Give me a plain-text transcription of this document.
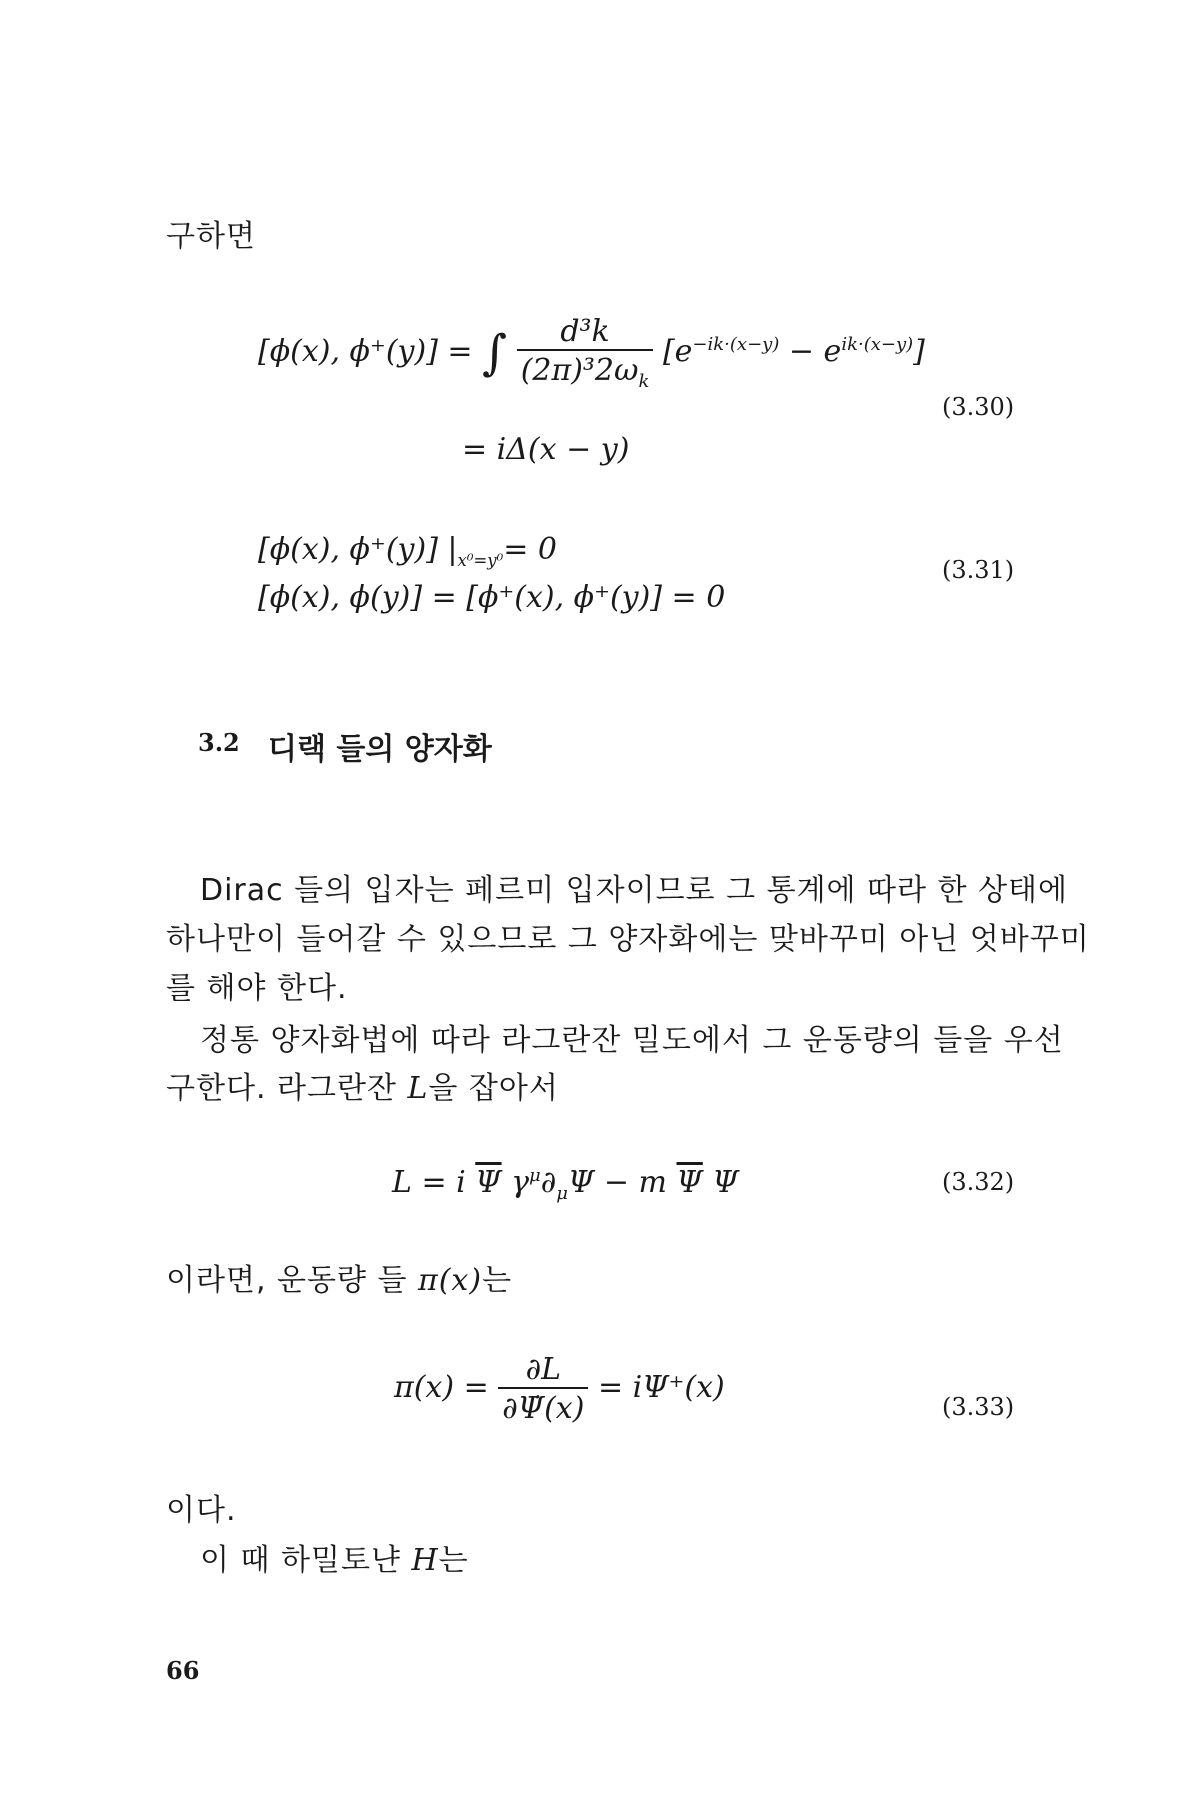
구하면
[ϕ(x), ϕ⁺(y)] = ∫ $\frac{\text{d³k}}{(2\pi)^32\omega_k} [e^{-ik\cdot(x-y)} - e^{ik\cdot(x-y)}]$
(3.30)
= iΔ(x − y)
[ϕ(x), ϕ⁺(y)] $|_{x^0=y^0}= 0$
(3.31)
[ϕ(x), ϕ(y)] = [ϕ⁺(x), ϕ⁺(y)] = 0
3.2 디랙 들의 양자화
Dirac 들의 입자는 페르미 입자이므로 그 통계에 따라 한 상태에
하나만이 들어갈 수 있으므로 그 양자화에는 맞바꾸미 아닌 엇바꾸미
를 해야 한다.
정통 양자화법에 따라 라그란잔 밀도에서 그 운동량의 들을 우선
구한다. 라그란잔 L을 잡아서
L = i $\overline{\Psi}$ $\gamma^\mu\partial_\mu\Psi - m$ $\overline{\Psi}$ Ψ	(3.32)
이라면, 운동량 들 π(x)는
$\pi(x) = \frac{\partial L}{\partial\Psi̇(x)} = i\Psi^+(x)$
(3.33)
이다.
이 때 하밀토냔 H는
66
